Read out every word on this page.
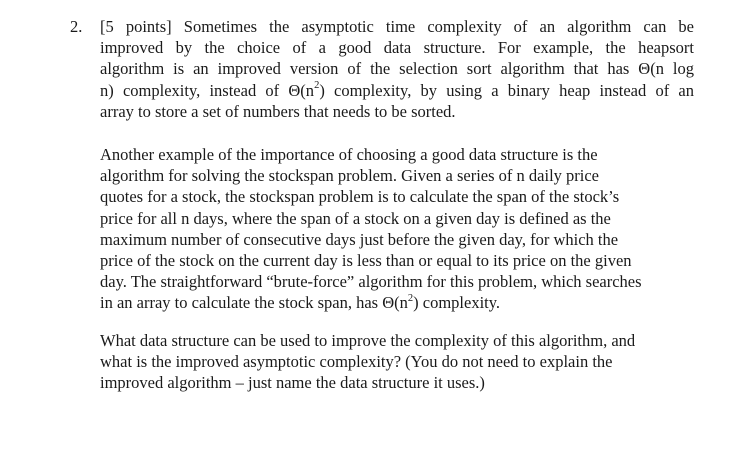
2. [5 points] Sometimes the asymptotic time complexity of an algorithm can be
improved by the choice of a good data structure. For example, the heapsort
algorithm is an improved version of the selection sort algorithm that has Θ(n log
n) complexity, instead of $\Theta(n^2)$ complexity, by using a binary heap instead of an
array to store a set of numbers that needs to be sorted.
Another example of the importance of choosing a good data structure is the
algorithm for solving the stockspan problem. Given a series of n daily price
quotes for a stock, the stockspan problem is to calculate the span of the stock’s
price for all n days, where the span of a stock on a given day is defined as the
maximum number of consecutive days just before the given day, for which the
price of the stock on the current day is less than or equal to its price on the given
day. The straightforward “brute-force” algorithm for this problem, which searches
in an array to calculate the stock span, has $\Theta(n^2)$ complexity.
What data structure can be used to improve the complexity of this algorithm, and
what is the improved asymptotic complexity? (You do not need to explain the
improved algorithm – just name the data structure it uses.)
